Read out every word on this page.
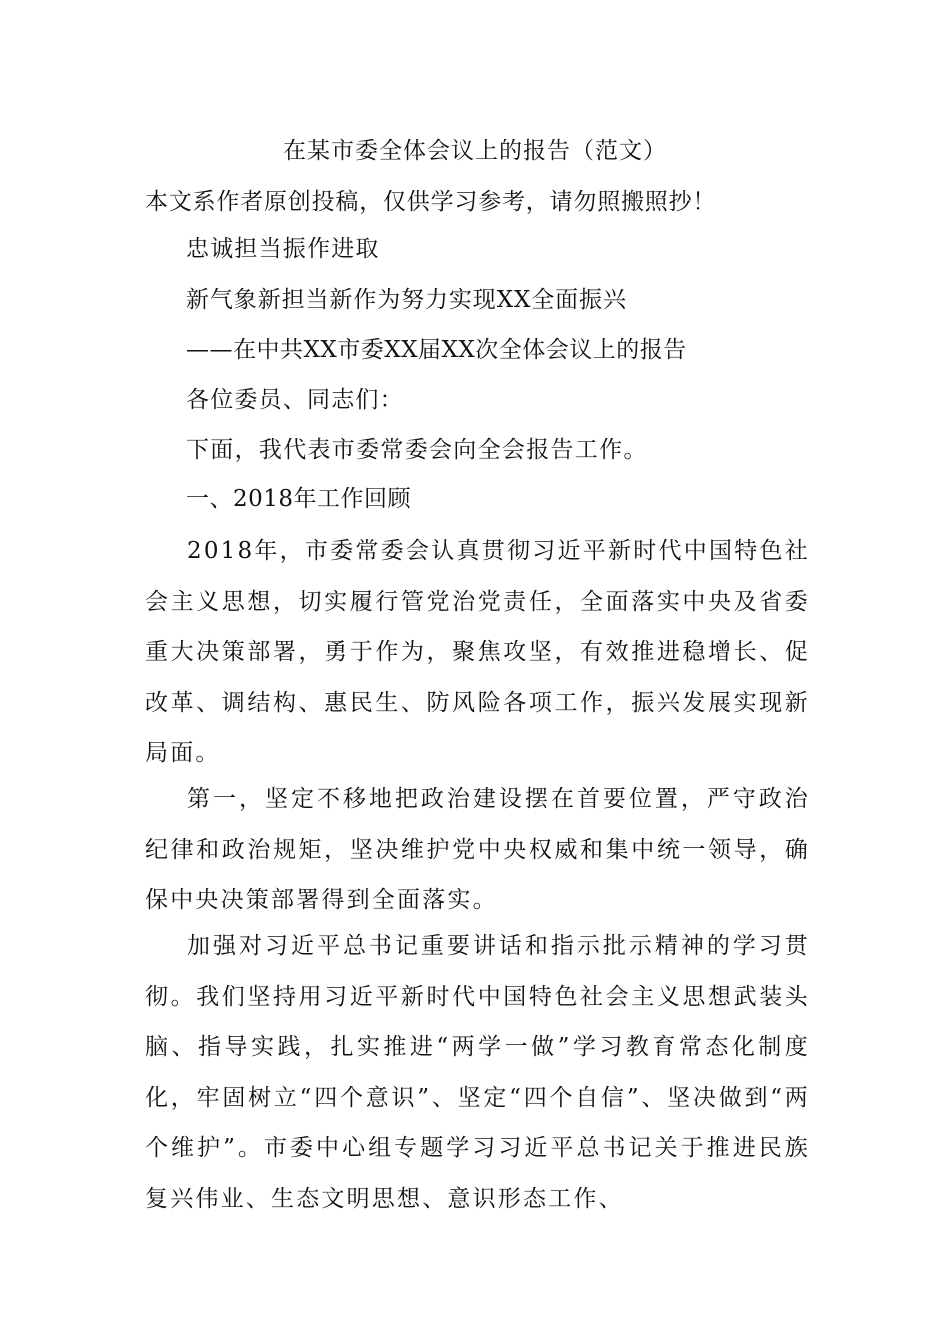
在某市委全体会议上的报告（范文）
本文系作者原创投稿，仅供学习参考，请勿照搬照抄！
忠诚担当振作进取
新气象新担当新作为努力实现XX全面振兴
——在中共XX市委XX届XX次全体会议上的报告
各位委员、同志们：
下面，我代表市委常委会向全会报告工作。
一、2018年工作回顾

2018年，市委常委会认真贯彻习近平新时代中国特色社会主义思想，切实履行管党治党责任，全面落实中央及省委重大决策部署，勇于作为，聚焦攻坚，有效推进稳增长、促改革、调结构、惠民生、防风险各项工作，振兴发展实现新局面。

第一，坚定不移地把政治建设摆在首要位置，严守政治纪律和政治规矩，坚决维护党中央权威和集中统一领导，确保中央决策部署得到全面落实。

加强对习近平总书记重要讲话和指示批示精神的学习贯彻。我们坚持用习近平新时代中国特色社会主义思想武装头脑、指导实践，扎实推进“两学一做”学习教育常态化制度化，牢固树立“四个意识”、坚定“四个自信”、坚决做到“两个维护”。市委中心组专题学习习近平总书记关于推进民族复兴伟业、生态文明思想、意识形态工作、
